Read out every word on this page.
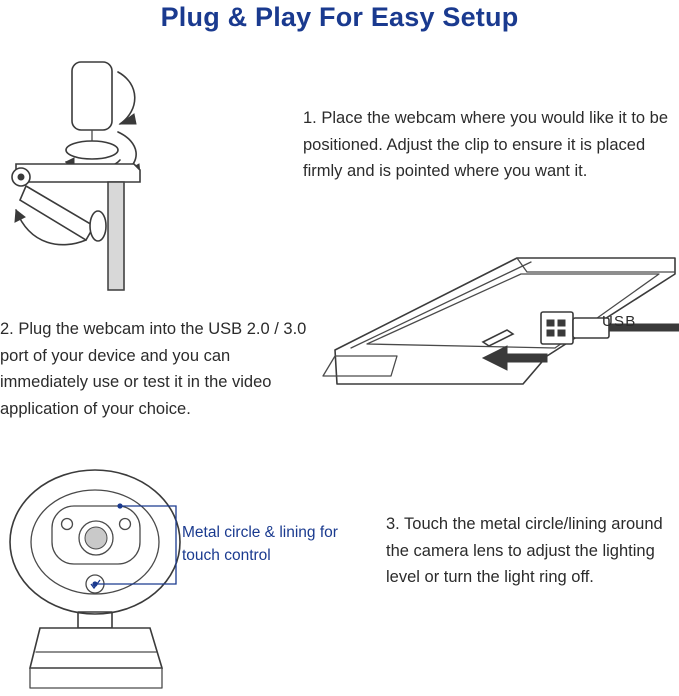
Plug & Play For Easy Setup
1. Place the webcam where you would like it to be positioned. Adjust the clip to ensure it is placed firmly and is pointed where you want it.
USB
2. Plug the webcam into the USB 2.0 / 3.0 port of your device and you can immediately use or test it in the video application of your choice.
Metal circle & lining for touch control
3. Touch the metal circle/lining around the camera lens to adjust the lighting level or turn the light ring off.
